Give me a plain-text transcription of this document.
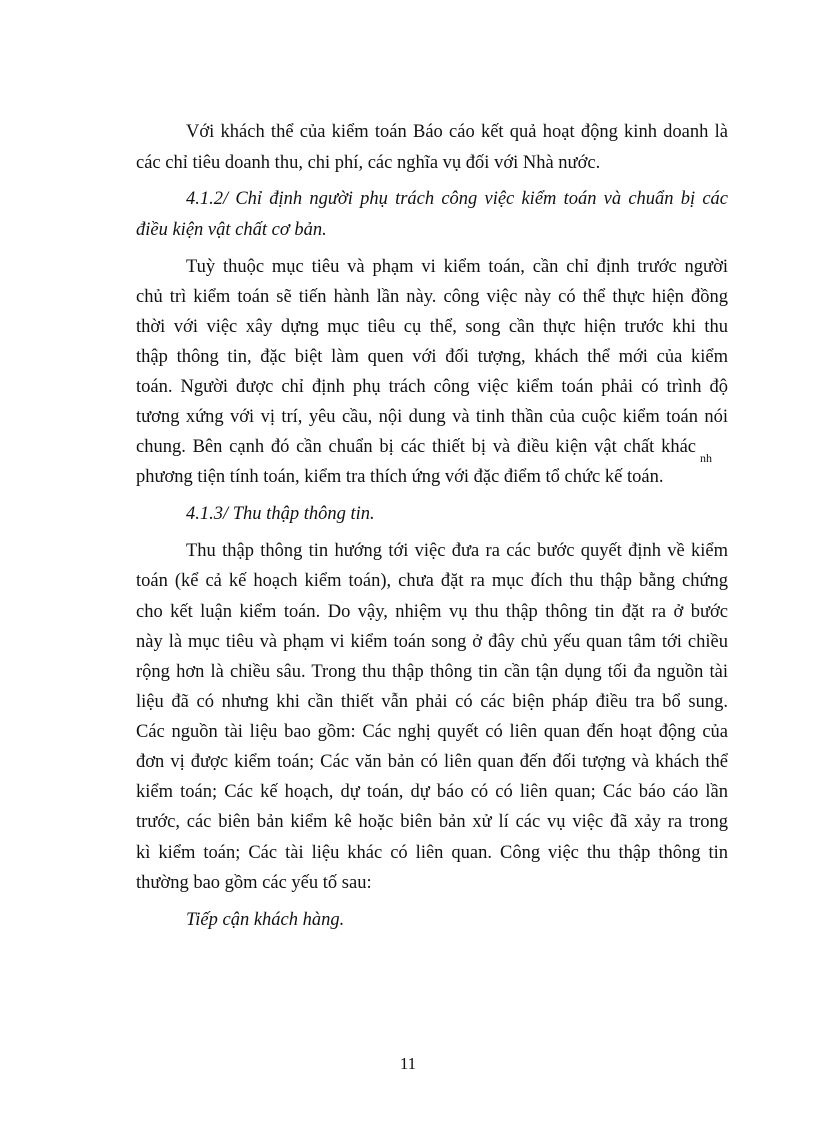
Với khách thể của kiểm toán Báo cáo kết quả hoạt động kinh doanh là
các chỉ tiêu doanh thu, chi phí, các nghĩa vụ đối với Nhà nước.
4.1.2/ Chỉ định người phụ trách công việc kiểm toán và chuẩn bị các
điều kiện vật chất cơ bản.
Tuỳ thuộc mục tiêu và phạm vi kiểm toán, cần chỉ định trước người
chủ trì kiểm toán sẽ tiến hành lần này. công việc này có thể thực hiện đồng
thời với việc xây dựng mục tiêu cụ thể, song cần thực hiện trước khi thu
thập thông tin, đặc biệt làm quen với đối tượng, khách thể mới của kiểm
toán. Người được chỉ định phụ trách công việc kiểm toán phải có trình độ
tương xứng với vị trí, yêu cầu, nội dung và tinh thần của cuộc kiểm toán nói
chung. Bên cạnh đó cần chuẩn bị các thiết bị và điều kiện vật chất khác
$_{nh}$
phương tiện tính toán, kiểm tra thích ứng với đặc điểm tổ chức kế toán.
4.1.3/ Thu thập thông tin.
Thu thập thông tin hướng tới việc đưa ra các bước quyết định về kiểm
toán (kể cả kế hoạch kiểm toán), chưa đặt ra mục đích thu thập bằng chứng
cho kết luận kiểm toán. Do vậy, nhiệm vụ thu thập thông tin đặt ra ở bước
này là mục tiêu và phạm vi kiểm toán song ở đây chủ yếu quan tâm tới chiều
rộng hơn là chiều sâu. Trong thu thập thông tin cần tận dụng tối đa nguồn tài
liệu đã có nhưng khi cần thiết vẫn phải có các biện pháp điều tra bổ sung.
Các nguồn tài liệu bao gồm: Các nghị quyết có liên quan đến hoạt động của
đơn vị được kiểm toán; Các văn bản có liên quan đến đối tượng và khách thể
kiểm toán; Các kế hoạch, dự toán, dự báo có có liên quan; Các báo cáo lần
trước, các biên bản kiểm kê hoặc biên bản xử lí các vụ việc đã xảy ra trong
kì kiểm toán; Các tài liệu khác có liên quan. Công việc thu thập thông tin
thường bao gồm các yếu tố sau:
Tiếp cận khách hàng.
11
